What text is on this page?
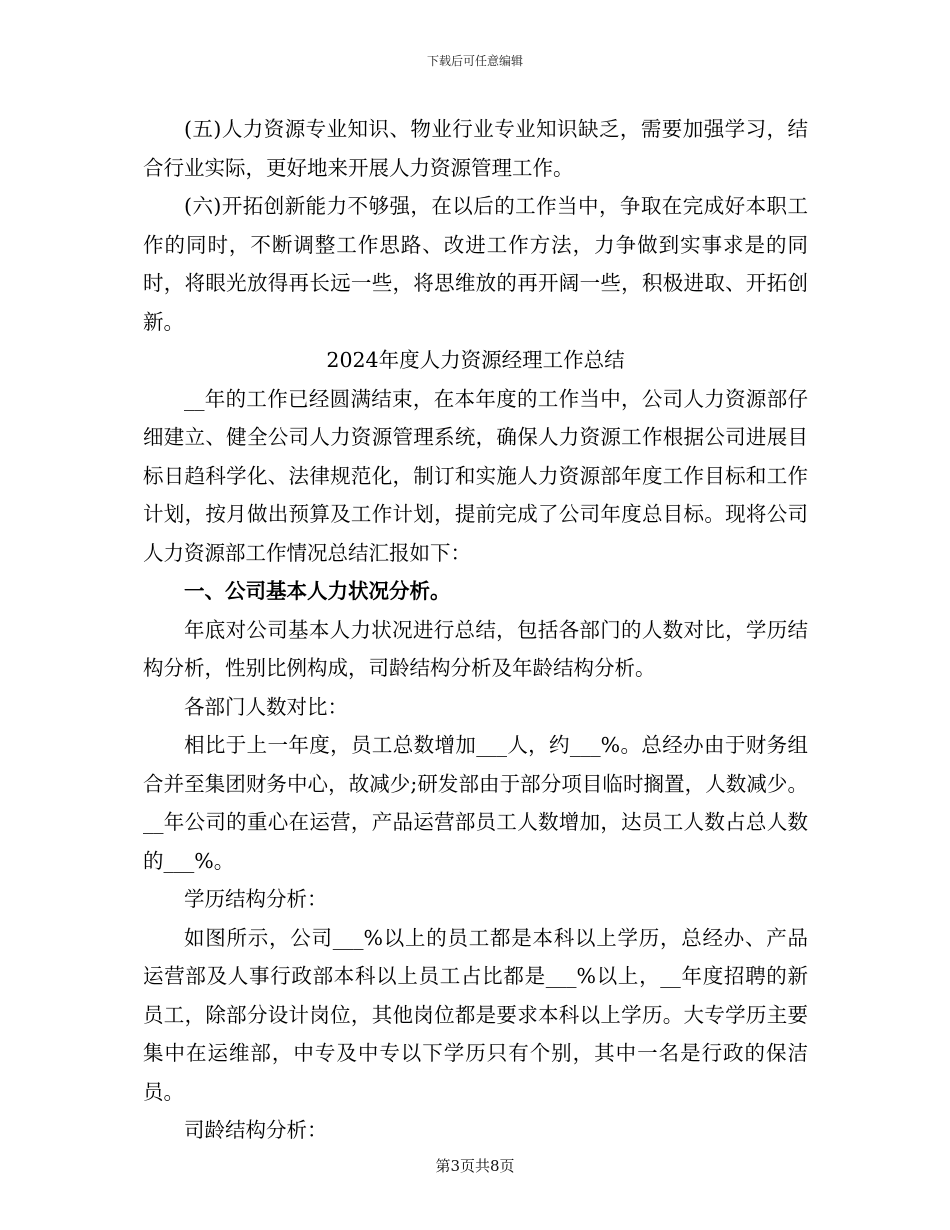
下载后可任意编辑

(五)人力资源专业知识、物业行业专业知识缺乏，需要加强学习，结合行业实际，更好地来开展人力资源管理工作。

(六)开拓创新能力不够强，在以后的工作当中，争取在完成好本职工作的同时，不断调整工作思路、改进工作方法，力争做到实事求是的同时，将眼光放得再长远一些，将思维放的再开阔一些，积极进取、开拓创新。

2024年度人力资源经理工作总结

__年的工作已经圆满结束，在本年度的工作当中，公司人力资源部仔细建立、健全公司人力资源管理系统，确保人力资源工作根据公司进展目标日趋科学化、法律规范化，制订和实施人力资源部年度工作目标和工作计划，按月做出预算及工作计划，提前完成了公司年度总目标。现将公司人力资源部工作情况总结汇报如下：

一、公司基本人力状况分析。

年底对公司基本人力状况进行总结，包括各部门的人数对比，学历结构分析，性别比例构成，司龄结构分析及年龄结构分析。

各部门人数对比：

相比于上一年度，员工总数增加___人，约___%。总经办由于财务组合并至集团财务中心，故减少;研发部由于部分项目临时搁置，人数减少。__年公司的重心在运营，产品运营部员工人数增加，达员工人数占总人数的___%。

学历结构分析：

如图所示，公司___%以上的员工都是本科以上学历，总经办、产品运营部及人事行政部本科以上员工占比都是___%以上，__年度招聘的新员工，除部分设计岗位，其他岗位都是要求本科以上学历。大专学历主要集中在运维部，中专及中专以下学历只有个别，其中一名是行政的保洁员。

司龄结构分析：

第3页共8页
